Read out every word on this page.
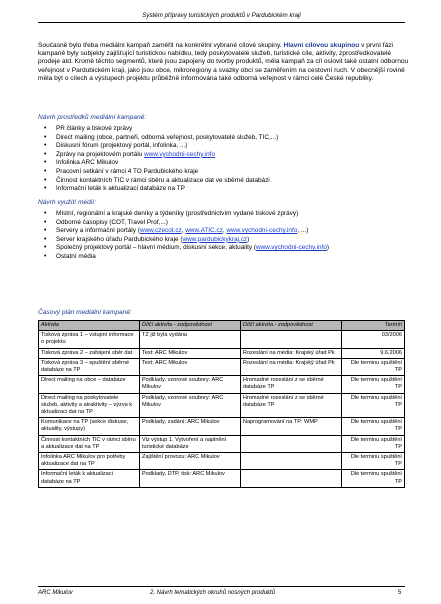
Systém přípravy turistických produktů v Pardubickém kraji
Současně bylo třeba mediální kampaň zaměřit na konkrétní vybrané cílové skupiny. Hlavní cílovou skupinou v první fázi kampaně byly subjekty zajišťující turistickou nabídku, tedy poskytovatelé služeb, turistické cíle, aktivity, zprostředkovatelé prodeje atd. Kromě těchto segmentů, které jsou zapojeny do tvorby produktů, měla kampaň za cíl oslovit také ostatní odbornou veřejnost v Pardubickém kraji, jako jsou obce, mikroregiony a svazky obcí se zaměřením na cestovní ruch. V obecnější rovině měla být o cílech a výstupech projektu průběžně informována také odborná veřejnost v rámci celé České republiky.
Návrh prostředků mediální kampaně:
• PR články a tiskové zprávy
• Direct mailing (obce, partneři, odborná veřejnost, poskytovatelé služeb, TIC,...)
• Diskusní fórum (projektový portál, infolinka, ...)
• Zprávy na projektovém portálu www.vychodni-cechy.info
• Infolinka ARC Mikulov
• Pracovní setkání v rámci 4 TO Pardubického kraje
• Činnost kontaktních TIC v rámci sběru a aktualizace dat ve sběrné databázi
• Informační leták k aktualizaci databáze na TP
Návrh využití médií:
• Místní, regionální a krajské deníky a týdeníky (prostřednictvím vydané tiskové zprávy)
• Odborné časopisy (COT, Travel Prof,...)
• Servery a informační portály (www.czecot.cz, www.ATIC.cz, www.vychodni-cechy.info, ...)
• Server krajského úřadu Pardubického kraje (www.pardubickykraj.cz)
• Společný projektový portál – hlavní médium, diskusní sekce, aktuality (www.vychodni-cechy.info)
• Ostatní média
Časový plán mediální kampaně:
Aktivita	Dílčí aktivita - zodpovědnost	Dílčí aktivita - zodpovědnost	Termín
Tisková zpráva 1 – vstupní informace o projektu	TZ již byla vydána		03/2006
Tisková zpráva 2 – zahájení sběr dat	Text: ARC Mikulov	Rozeslání na média: Krajský úřad Pk	9.6.2006
Tisková zpráva 3 – spuštění sběrné databáze na TP	Text: ARC Mikulov	Rozeslání na média: Krajský úřad Pk	Dle terminu spuštění TP
Direct mailing na obce – databáze	Podklady, vzorové soubory: ARC Mikulov	Hromadné rozeslání z se sběrné databáze TP	Dle terminu spuštění TP
Direct mailing na poskytovatele služeb, aktivity a atraktivity – výzva k aktualizaci dat na TP	Podklady, vzorové soubory: ARC Mikulov	Hromadné rozeslání z se sběrné databáze TP	Dle terminu spuštění TP
Komunikace na TP (sekce diskuse, aktuality, výstupy)	Podklady, zadání: ARC Mikulov	Naprogramování na TP: WMP	Dle terminu spuštění TP
Činnost kontaktních TIC v rámci sběru a aktualizace dat na TP	Viz výstup 1. Vytvoření a naplnění turistické databáze		Dle terminu spuštění TP
Infolinka ARC Mikulov pro potřeby aktualizace dat na TP	Zajištění provozu: ARC Mikulov		Dle terminu spuštění TP
Informační leták k aktualizaci databáze na TP	Podklady, DTP, tisk: ARC Mikulov		Dle terminu spuštění TP
ARC Mikulov	2. Návrh tematických okruhů nosných produktů	5
